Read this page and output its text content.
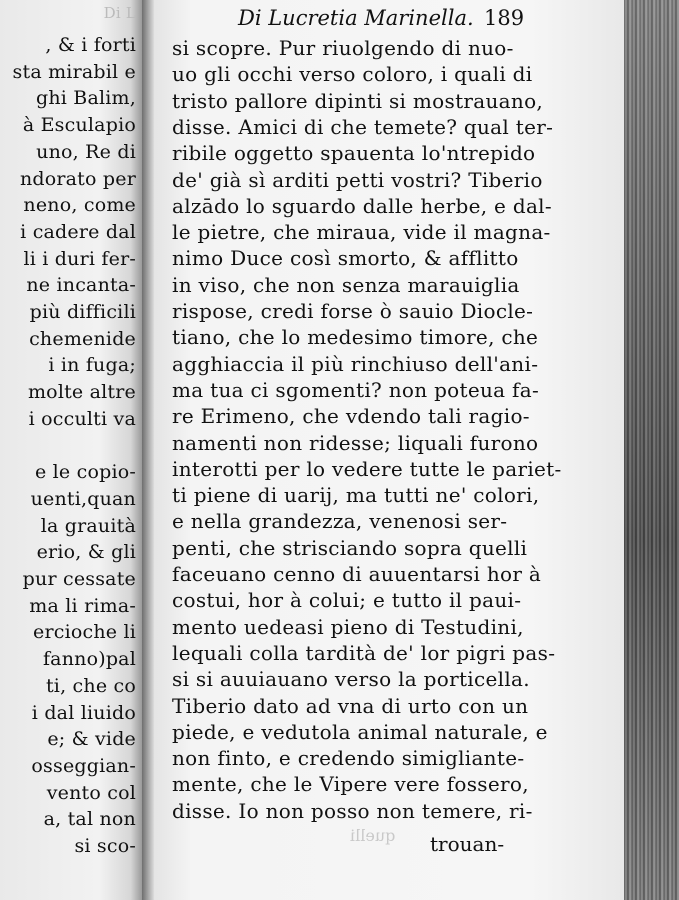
, & i forti
sta mirabil e
ghi Balim,
à Esculapio
uno, Re di
ndorato per
neno, come
i cadere dal
li i duri fer-
ne incanta-
più difficili
chemenide
i in fuga;
molte altre
i occulti va
e le copio-
uenti,quan
la grauità
erio, & gli
pur cessate
ma li rima-
ercioche li
fanno)pal
ti, che co
i dal liuido
e; & vide
osseggian-
vento col
a, tal non
si sco-
Di L	Di Lucretia Marinella. 189
trouan-
quelli
si scopre. Pur riuolgendo di nuo-
uo gli occhi verso coloro, i quali di
tristo pallore dipinti si mostrauano,
disse. Amici di che temete? qual ter-
ribile oggetto spauenta lo'ntrepido
de' già sì arditi petti vostri? Tiberio
alzādo lo sguardo dalle herbe, e dal-
le pietre, che miraua, vide il magna-
nimo Duce così smorto, & afflitto
in viso, che non senza marauiglia
rispose, credi forse ò sauio Diocle-
tiano, che lo medesimo timore, che
agghiaccia il più rinchiuso dell'ani-
ma tua ci sgomenti? non poteua fa-
re Erimeno, che vdendo tali ragio-
namenti non ridesse; liquali furono
interotti per lo vedere tutte le pariet-
ti piene di uarij, ma tutti ne' colori,
e nella grandezza, venenosi ser-
penti, che strisciando sopra quelli
faceuano cenno di auuentarsi hor à
costui, hor à colui; e tutto il paui-
mento uedeasi pieno di Testudini,
lequali colla tardità de' lor pigri pas-
si si auuiauano verso la porticella.
Tiberio dato ad vna di urto con un
piede, e vedutola animal naturale, e
non finto, e credendo simigliante-
mente, che le Vipere vere fossero,
disse. Io non posso non temere, ri-
